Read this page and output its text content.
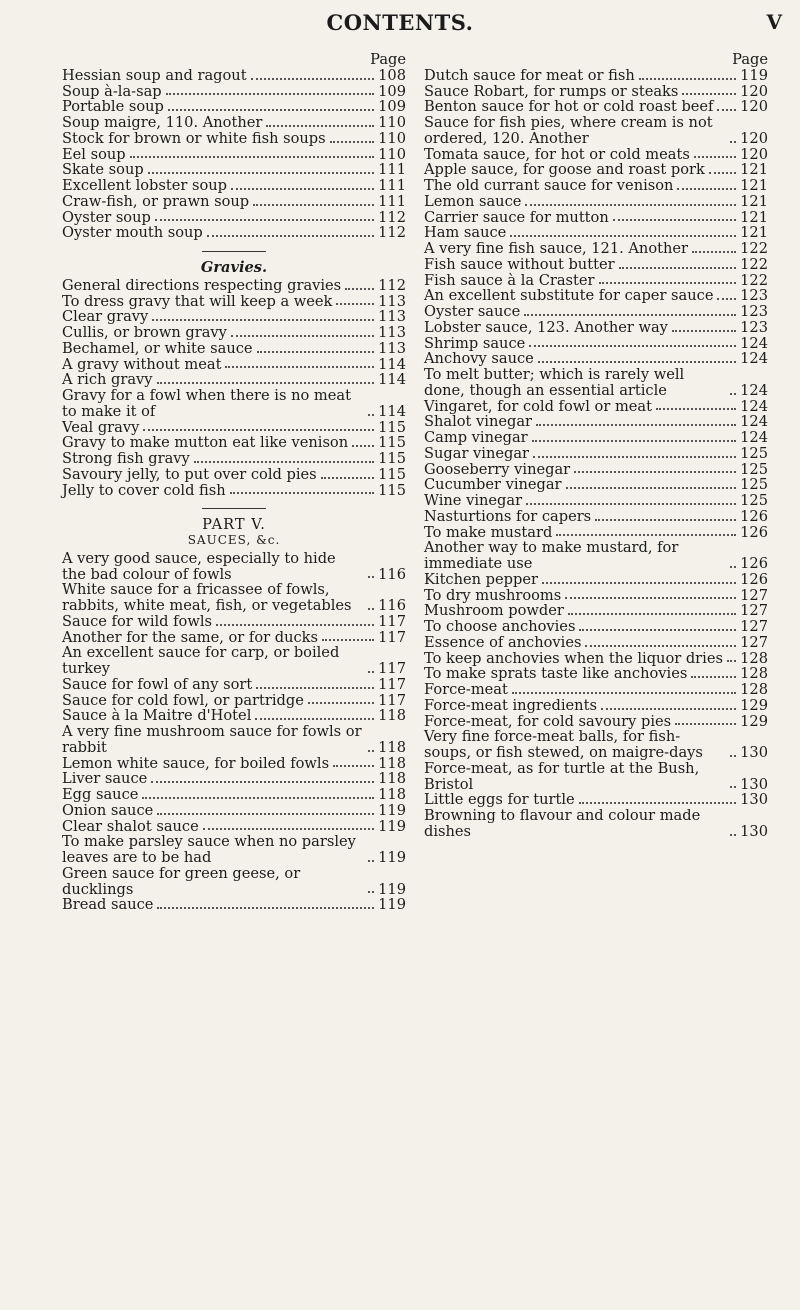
CONTENTS.	V
Page
Hessian soup and ragout	108
Soup à-la-sap	109
Portable soup	109
Soup maigre, 110. Another	110
Stock for brown or white fish soups	110
Eel soup	110
Skate soup	111
Excellent lobster soup	111
Craw-fish, or prawn soup	111
Oyster soup	112
Oyster mouth soup	112
Gravies.
General directions respecting gravies	112
To dress gravy that will keep a week	113
Clear gravy	113
Cullis, or brown gravy	113
Bechamel, or white sauce	113
A gravy without meat	114
A rich gravy	114
Gravy for a fowl when there is no meat to make it of	114
Veal gravy	115
Gravy to make mutton eat like venison 115
Strong fish gravy	115
Savoury jelly, to put over cold pies	115
Jelly to cover cold fish	115
PART V.
SAUCES, &c.
A very good sauce, especially to hide the bad colour of fowls	116
White sauce for a fricassee of fowls, rabbits, white meat, fish, or vegetables	116
Sauce for wild fowls	117
Another for the same, or for ducks	117
An excellent sauce for carp, or boiled turkey	117
Sauce for fowl of any sort	117
Sauce for cold fowl, or partridge	117
Sauce à la Maitre d'Hotel	118
A very fine mushroom sauce for fowls or rabbit	118
Lemon white sauce, for boiled fowls	118
Liver sauce	118
Egg sauce	118
Onion sauce	119
Clear shalot sauce	119
To make parsley sauce when no parsley leaves are to be had	119
Green sauce for green geese, or ducklings	119
Bread sauce	119
Page
Dutch sauce for meat or fish	119
Sauce Robart, for rumps or steaks	120
Benton sauce for hot or cold roast beef 120
Sauce for fish pies, where cream is not ordered, 120. Another	120
Tomata sauce, for hot or cold meats	120
Apple sauce, for goose and roast pork 121
The old currant sauce for venison	121
Lemon sauce	121
Carrier sauce for mutton	121
Ham sauce	121
A very fine fish sauce, 121. Another	122
Fish sauce without butter	122
Fish sauce à la Craster	122
An excellent substitute for caper sauce 123
Oyster sauce	123
Lobster sauce, 123. Another way	123
Shrimp sauce	124
Anchovy sauce	124
To melt butter; which is rarely well done, though an essential article	124
Vingaret, for cold fowl or meat	124
Shalot vinegar	124
Camp vinegar	124
Sugar vinegar	125
Gooseberry vinegar	125
Cucumber vinegar	125
Wine vinegar	125
Nasturtions for capers	126
To make mustard	126
Another way to make mustard, for immediate use	126
Kitchen pepper	126
To dry mushrooms	127
Mushroom powder	127
To choose anchovies	127
Essence of anchovies	127
To keep anchovies when the liquor dries 128
To make sprats taste like anchovies	128
Force-meat	128
Force-meat ingredients	129
Force-meat, for cold savoury pies	129
Very fine force-meat balls, for fish-soups, or fish stewed, on maigre-days	130
Force-meat, as for turtle at the Bush, Bristol	130
Little eggs for turtle	130
Browning to flavour and colour made dishes	130
